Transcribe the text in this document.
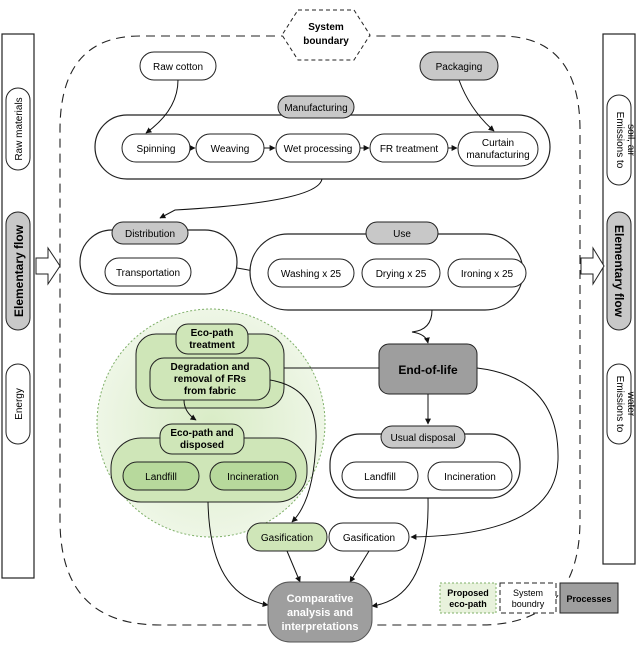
System
boundary
Raw materials
Elementary flow
Energy
Emissions to soil, air
Elementary flow
Emissions to water
Raw cotton	Packaging
Manufacturing
Spinning	Weaving	Wet processing	FR treatment
Curtain
manufacturing
Distribution
Transportation
Use
Washing x 25	Drying x 25	Ironing x 25
End-of-life
Eco-path
treatment
Degradation and
removal of FRs
from fabric
Eco-path and
disposed
Landfill	Incineration
Usual disposal
Landfill	Incineration
Gasification	Gasification
Comparative
analysis and
interpretations
Proposed
eco-path
System
boundry Processes
